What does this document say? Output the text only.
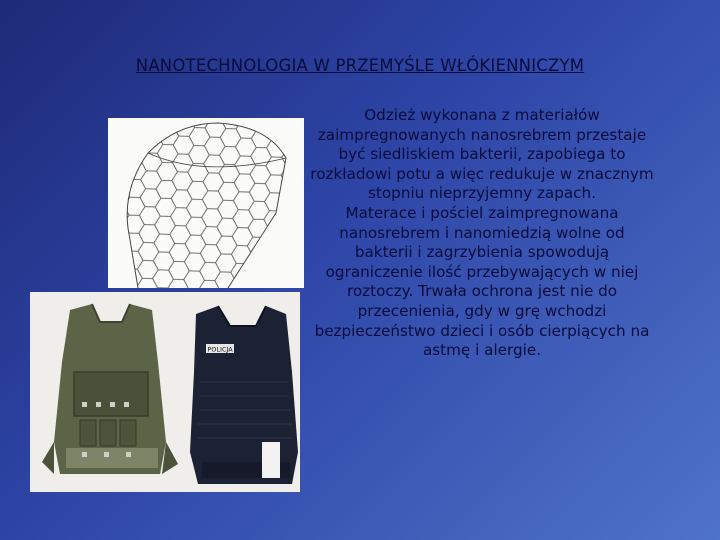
NANOTECHNOLOGIA W PRZEMYŚLE WŁÓKIENNICZYM
POLICJA

Odzież wykonana z materiałów zaimpregnowanych nanosrebrem przestaje być siedliskiem bakterii, zapobiega to rozkładowi potu a więc redukuje w znacznym stopniu nieprzyjemny zapach.

Materace i pościel zaimpregnowana nanosrebrem i nanomiedzią wolne od bakterii i zagrzybienia spowodują ograniczenie ilość przebywających w niej roztoczy. Trwała ochrona jest nie do przecenienia, gdy w grę wchodzi bezpieczeństwo dzieci i osób cierpiących na astmę i alergie.
